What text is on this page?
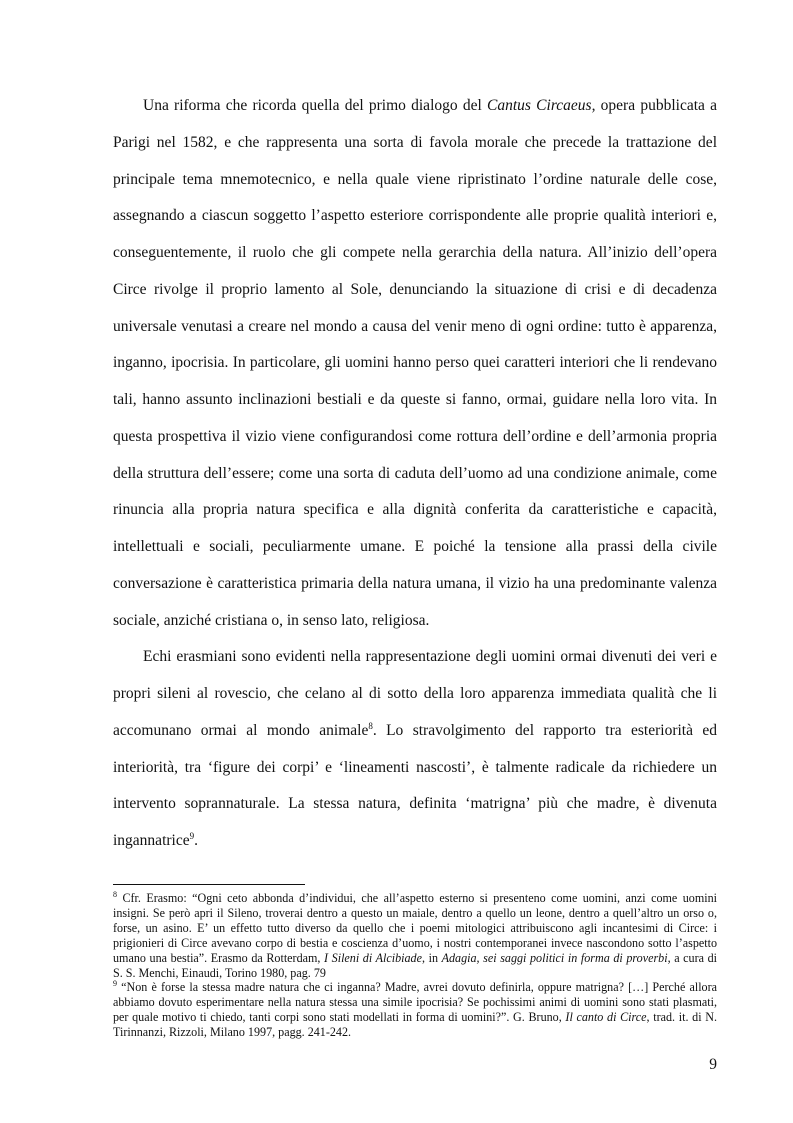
Una riforma che ricorda quella del primo dialogo del Cantus Circaeus, opera pubblicata a Parigi nel 1582, e che rappresenta una sorta di favola morale che precede la trattazione del principale tema mnemotecnico, e nella quale viene ripristinato l’ordine naturale delle cose, assegnando a ciascun soggetto l’aspetto esteriore corrispondente alle proprie qualità interiori e, conseguentemente, il ruolo che gli compete nella gerarchia della natura. All’inizio dell’opera Circe rivolge il proprio lamento al Sole, denunciando la situazione di crisi e di decadenza universale venutasi a creare nel mondo a causa del venir meno di ogni ordine: tutto è apparenza, inganno, ipocrisia. In particolare, gli uomini hanno perso quei caratteri interiori che li rendevano tali, hanno assunto inclinazioni bestiali e da queste si fanno, ormai, guidare nella loro vita. In questa prospettiva il vizio viene configurandosi come rottura dell’ordine e dell’armonia propria della struttura dell’essere; come una sorta di caduta dell’uomo ad una condizione animale, come rinuncia alla propria natura specifica e alla dignità conferita da caratteristiche e capacità, intellettuali e sociali, peculiarmente umane. E poiché la tensione alla prassi della civile conversazione è caratteristica primaria della natura umana, il vizio ha una predominante valenza sociale, anziché cristiana o, in senso lato, religiosa.

Echi erasmiani sono evidenti nella rappresentazione degli uomini ormai divenuti dei veri e propri sileni al rovescio, che celano al di sotto della loro apparenza immediata qualità che li accomunano ormai al mondo animale$^8$. Lo stravolgimento del rapporto tra esteriorità ed interiorità, tra ‘figure dei corpi’ e ‘lineamenti nascosti’, è talmente radicale da richiedere un intervento soprannaturale. La stessa natura, definita ‘matrigna’ più che madre, è divenuta ingannatrice$^9$.

$^8$ Cfr. Erasmo: “Ogni ceto abbonda d’individui, che all’aspetto esterno si presenteno come uomini, anzi come uomini insigni. Se però apri il Sileno, troverai dentro a questo un maiale, dentro a quello un leone, dentro a quell’altro un orso o, forse, un asino. E’ un effetto tutto diverso da quello che i poemi mitologici attribuiscono agli incantesimi di Circe: i prigionieri di Circe avevano corpo di bestia e coscienza d’uomo, i nostri contemporanei invece nascondono sotto l’aspetto umano una bestia”. Erasmo da Rotterdam, I Sileni di Alcibiade, in Adagia, sei saggi politici in forma di proverbi, a cura di S. S. Menchi, Einaudi, Torino 1980, pag. 79

$^9$ “Non è forse la stessa madre natura che ci inganna? Madre, avrei dovuto definirla, oppure matrigna? […] Perché allora abbiamo dovuto esperimentare nella natura stessa una simile ipocrisia? Se pochissimi animi di uomini sono stati plasmati, per quale motivo ti chiedo, tanti corpi sono stati modellati in forma di uomini?”. G. Bruno, Il canto di Circe, trad. it. di N. Tirinnanzi, Rizzoli, Milano 1997, pagg. 241-242.

9
